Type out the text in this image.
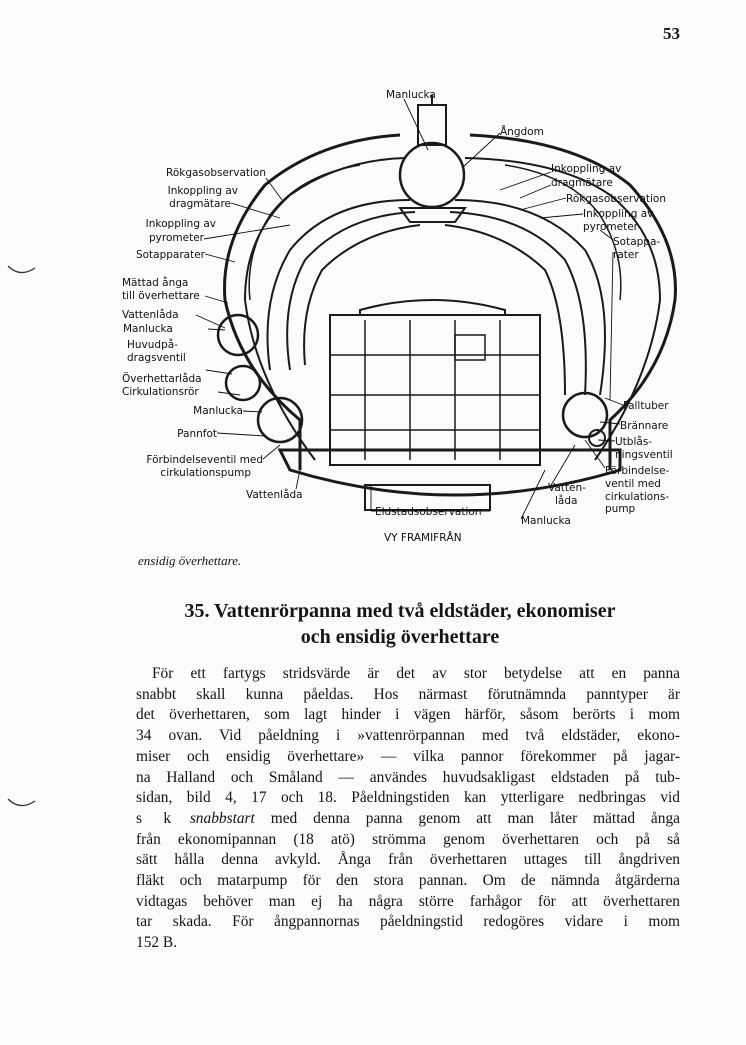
53
Manlucka
Ångdom
Rökgasobservation
Inkoppling av
dragmätare
Inkoppling av
pyrometer
Sotapparater
Mättad ånga
till överhettare
Vattenlåda
Manlucka
Huvudpå-
dragsventil
Överhettarlåda
Cirkulationsrör
Manlucka
Pannfot
Förbindelseventil med
cirkulationspump
Vattenlåda
Eldstadsobservation
VY FRAMIFRÅN
Manlucka
Inkoppling av
dragmätare
Rökgasobservation
Inkoppling av
pyrometer
Sotappa-
rater
Falltuber
Brännare
Utblås-
ningsventil
Förbindelse-
ventil med
cirkulations-
pump
Vatten-
låda
ensidig överhettare.
35. Vattenrörpanna med två eldstäder, ekonomiser
och ensidig överhettare
För ett fartygs stridsvärde är det av stor betydelse att en panna
snabbt skall kunna påeldas. Hos närmast förutnämnda panntyper är
det överhettaren, som lagt hinder i vägen härför, såsom berörts i mom
34 ovan. Vid påeldning i »vattenrörpannan med två eldstäder, ekono-
miser och ensidig överhettare» — vilka pannor förekommer på jagar-
na Halland och Småland — användes huvudsakligast eldstaden på tub-
sidan, bild 4, 17 och 18. Påeldningstiden kan ytterligare nedbringas vid
s k snabbstart med denna panna genom att man låter mättad ånga
från ekonomipannan (18 atö) strömma genom överhettaren och på så
sätt hålla denna avkyld. Ånga från överhettaren uttages till ångdriven
fläkt och matarpump för den stora pannan. Om de nämnda åtgärderna
vidtagas behöver man ej ha några större farhågor för att överhettaren
tar skada. För ångpannornas påeldningstid redogöres vidare i mom
152 B.
